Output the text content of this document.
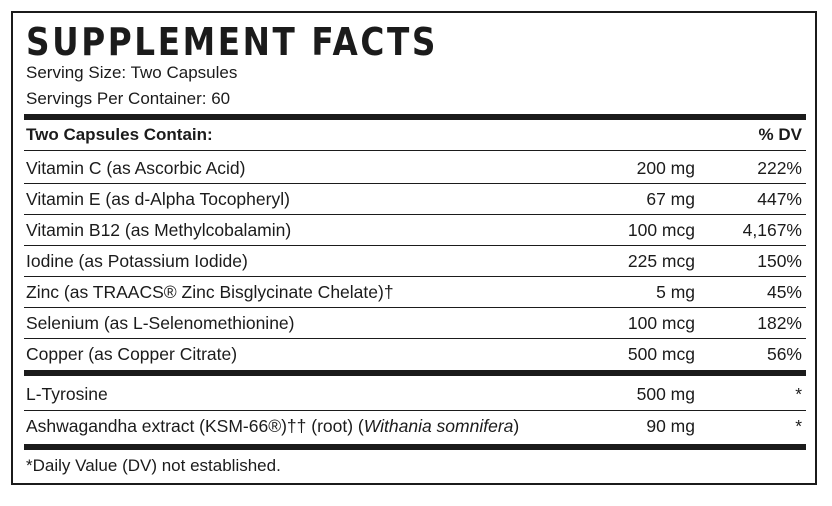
SUPPLEMENT FACTS
Serving Size: Two Capsules
Servings Per Container: 60
Two Capsules Contain:	% DV
Vitamin C (as Ascorbic Acid)	200 mg	222%
Vitamin E (as d-Alpha Tocopheryl)	67 mg	447%
Vitamin B12 (as Methylcobalamin)	100 mcg	4,167%
Iodine (as Potassium Iodide)	225 mcg	150%
Zinc (as TRAACS® Zinc Bisglycinate Chelate)†	5 mg	45%
Selenium (as L-Selenomethionine)	100 mcg	182%
Copper (as Copper Citrate)	500 mcg	56%
L-Tyrosine	500 mg	*
Ashwagandha extract (KSM-66®)†† (root) (Withania somnifera)	90 mg	*
*Daily Value (DV) not established.
